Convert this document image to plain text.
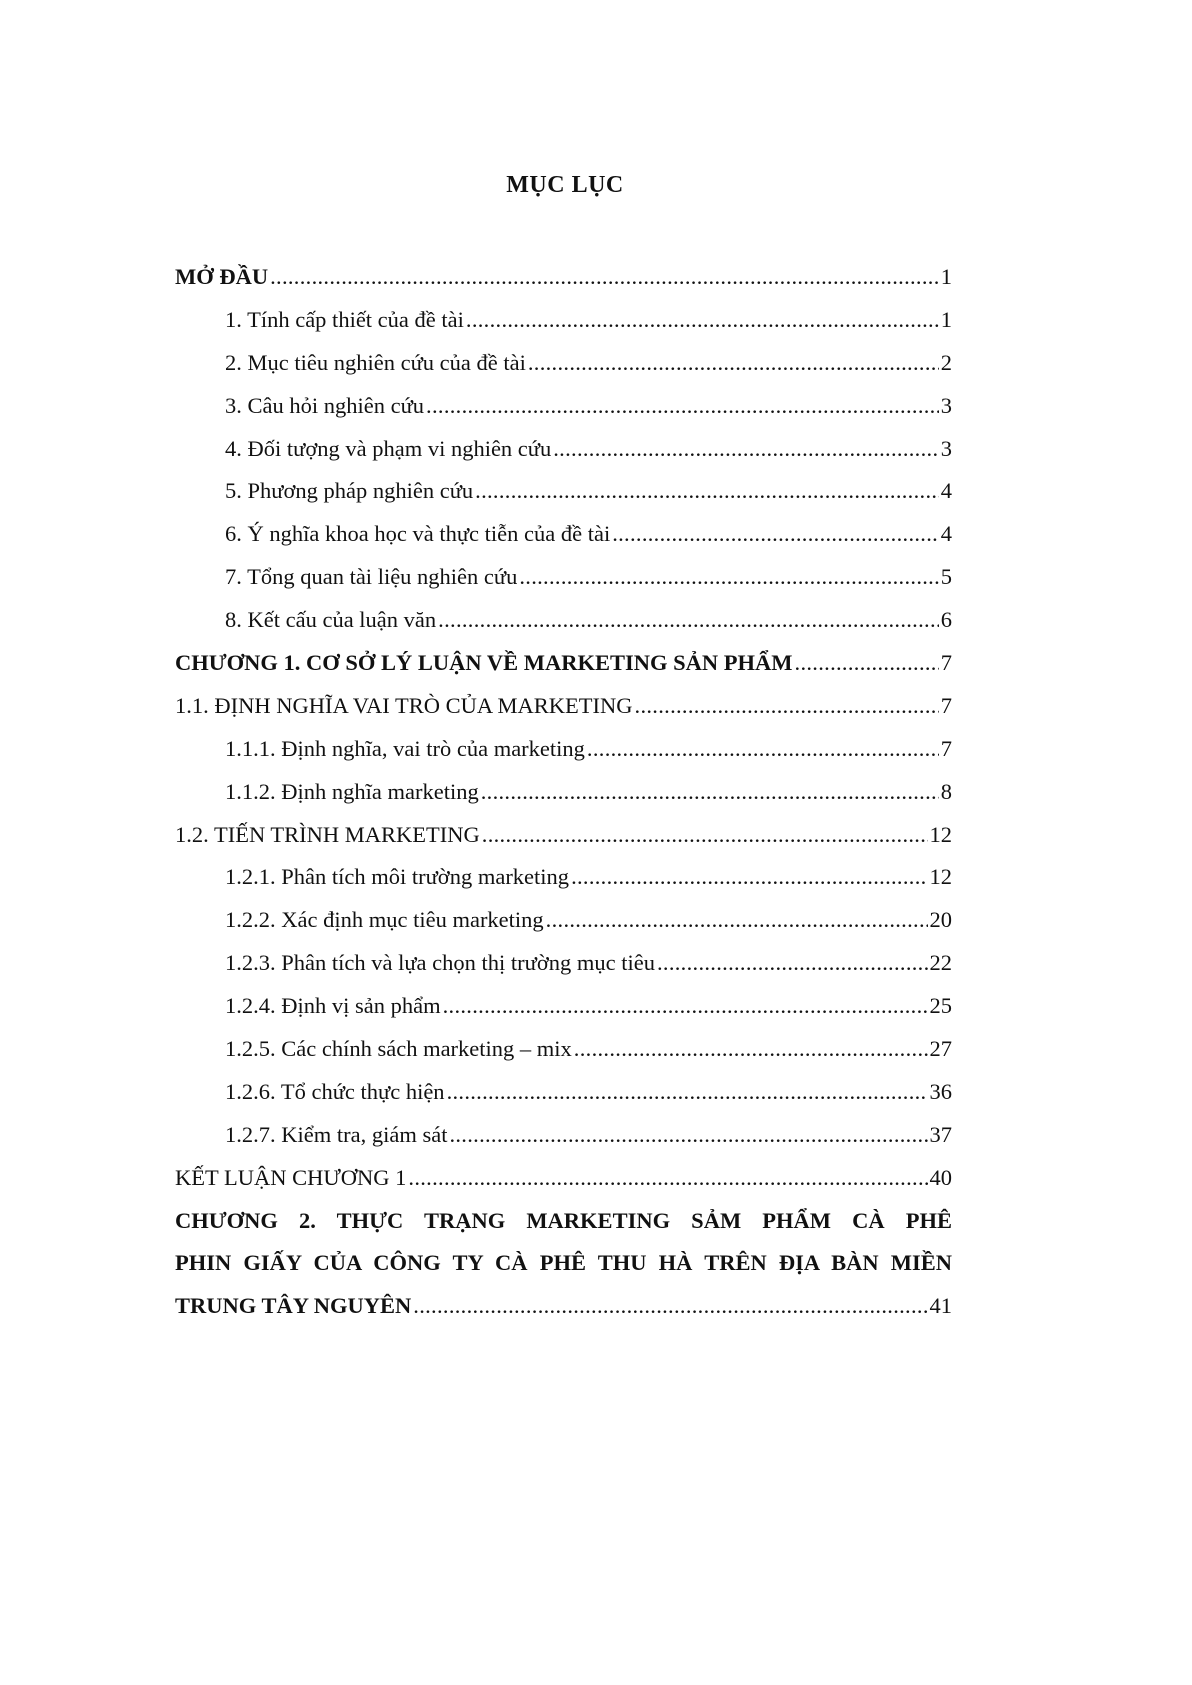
MỤC LỤC
MỞ ĐẦU .....	1
1. Tính cấp thiết của đề tài .....	1
2. Mục tiêu nghiên cứu của đề tài .....	2
3. Câu hỏi nghiên cứu .....	3
4. Đối tượng và phạm vi nghiên cứu .....	3
5. Phương pháp nghiên cứu .....	4
6. Ý nghĩa khoa học và thực tiễn của đề tài .....	4
7. Tổng quan tài liệu nghiên cứu .....	5
8. Kết cấu của luận văn .....	6
CHƯƠNG 1. CƠ SỞ LÝ LUẬN VỀ MARKETING SẢN PHẨM .....	7
1.1. ĐỊNH NGHĨA VAI TRÒ CỦA MARKETING .....	7
1.1.1. Định nghĩa, vai trò của marketing .....	7
1.1.2. Định nghĩa marketing .....	8
1.2. TIẾN TRÌNH MARKETING .....	12
1.2.1. Phân tích môi trường marketing .....	12
1.2.2. Xác định mục tiêu marketing .....	20
1.2.3. Phân tích và lựa chọn thị trường mục tiêu .....	22
1.2.4. Định vị sản phẩm .....	25
1.2.5. Các chính sách marketing – mix .....	27
1.2.6. Tổ chức thực hiện .....	36
1.2.7. Kiểm tra, giám sát .....	37
KẾT LUẬN CHƯƠNG 1 .....	40
CHƯƠNG 2. THỰC TRẠNG MARKETING SẢM PHẨM CÀ PHÊ
PHIN GIẤY CỦA CÔNG TY CÀ PHÊ THU HÀ TRÊN ĐỊA BÀN MIỀN
TRUNG TÂY NGUYÊN .....	41
